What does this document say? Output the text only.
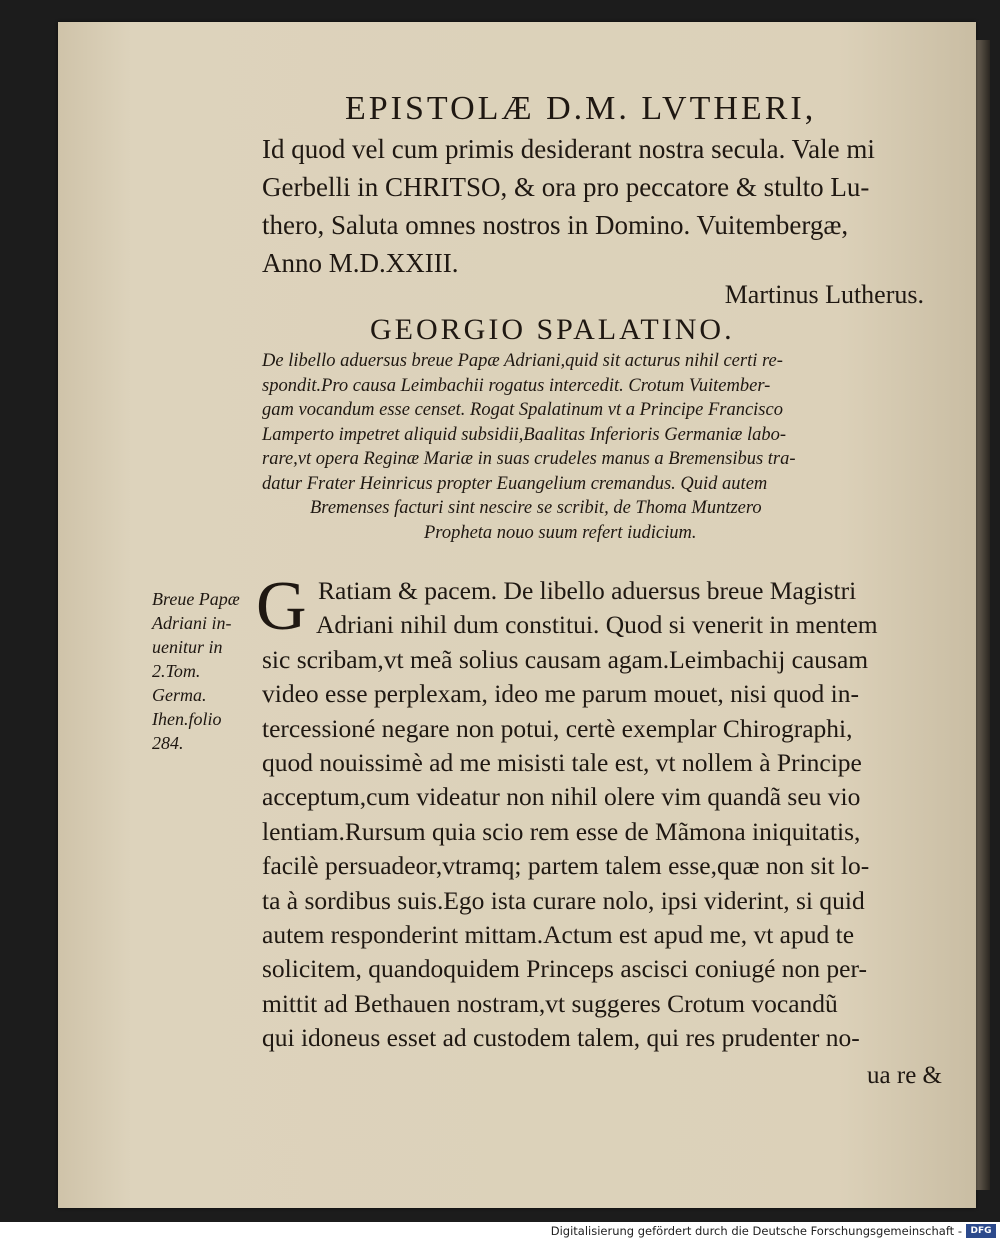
EPISTOLÆ D.M. LVTHERI,
Id quod vel cum primis desiderant nostra secula. Vale mi
Gerbelli in CHRITSO, & ora pro peccatore & stulto Lu-
thero, Saluta omnes nostros in Domino. Vuitembergæ,
Anno M.D.XXIII.
Martinus Lutherus.
GEORGIO SPALATINO.
De libello aduersus breue Papæ Adriani,quid sit acturus nihil certi re-
spondit.Pro causa Leimbachii rogatus intercedit. Crotum Vuitember-
gam vocandum esse censet. Rogat Spalatinum vt a Principe Francisco
Lamperto impetret aliquid subsidii,Baalitas Inferioris Germaniæ labo-
rare,vt opera Reginæ Mariæ in suas crudeles manus a Bremensibus tra-
datur Frater Heinricus propter Euangelium cremandus. Quid autem
Bremenses facturi sint nescire se scribit, de Thoma Muntzero
Propheta nouo suum refert iudicium.
G Ratiam & pacem. De libello aduersus breue Magistri
Adriani nihil dum constitui. Quod si venerit in mentem
sic scribam,vt meã solius causam agam.Leimbachij causam
video esse perplexam, ideo me parum mouet, nisi quod in-
tercessioné negare non potui, certè exemplar Chirographi,
quod nouissimè ad me misisti tale est, vt nollem à Principe
acceptum,cum videatur non nihil olere vim quandã seu vio
lentiam.Rursum quia scio rem esse de Mãmona iniquitatis,
facilè persuadeor,vtramq; partem talem esse,quæ non sit lo-
ta à sordibus suis.Ego ista curare nolo, ipsi viderint, si quid
autem responderint mittam.Actum est apud me, vt apud te
solicitem, quandoquidem Princeps ascisci coniugé non per-
mittit ad Bethauen nostram,vt suggeres Crotum vocandũ
qui idoneus esset ad custodem talem, qui res prudenter no-
ua re &
Breue Papæ
Adriani in-
uenitur in
2.Tom.
Germa.
Ihen.folio
284.
Digitalisierung gefördert durch die Deutsche Forschungsgemeinschaft - DFG
